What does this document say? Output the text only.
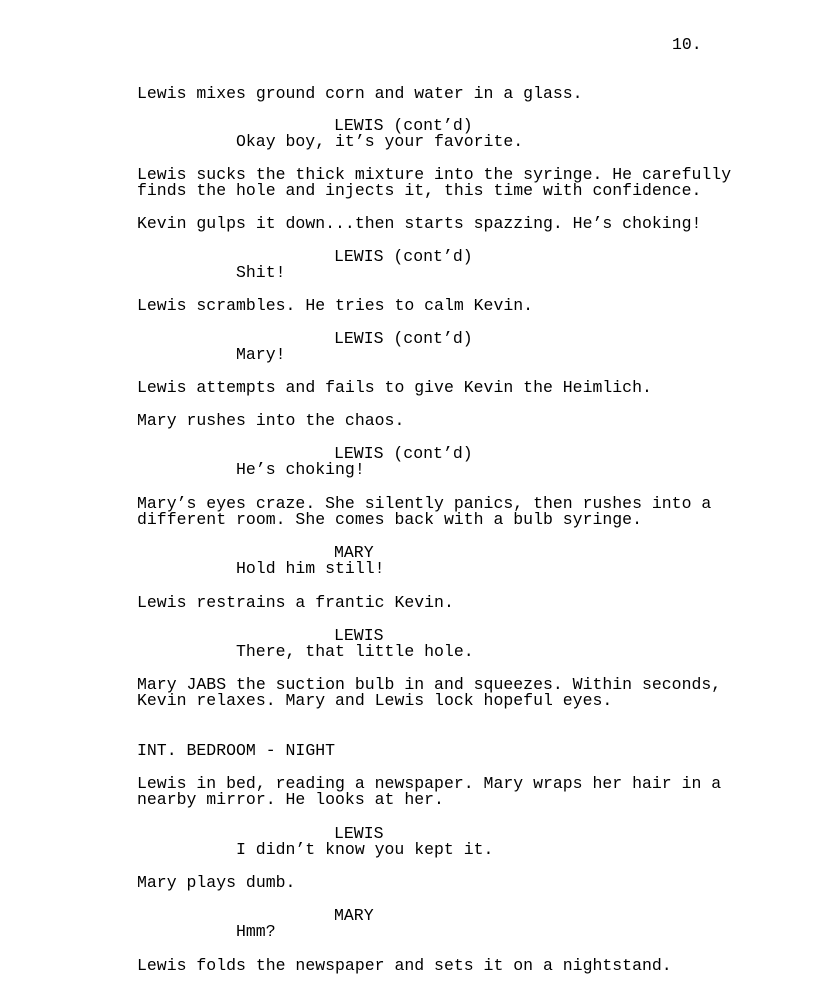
10.
Lewis mixes ground corn and water in a glass.
LEWIS (cont’d)
Okay boy, it’s your favorite.
Lewis sucks the thick mixture into the syringe. He carefully
finds the hole and injects it, this time with confidence.
Kevin gulps it down...then starts spazzing. He’s choking!
LEWIS (cont’d)
Shit!
Lewis scrambles. He tries to calm Kevin.
LEWIS (cont’d)
Mary!
Lewis attempts and fails to give Kevin the Heimlich.
Mary rushes into the chaos.
LEWIS (cont’d)
He’s choking!
Mary’s eyes craze. She silently panics, then rushes into a
different room. She comes back with a bulb syringe.
MARY
Hold him still!
Lewis restrains a frantic Kevin.
LEWIS
There, that little hole.
Mary JABS the suction bulb in and squeezes. Within seconds,
Kevin relaxes. Mary and Lewis lock hopeful eyes.
INT. BEDROOM - NIGHT
Lewis in bed, reading a newspaper. Mary wraps her hair in a
nearby mirror. He looks at her.
LEWIS
I didn’t know you kept it.
Mary plays dumb.
MARY
Hmm?
Lewis folds the newspaper and sets it on a nightstand.
